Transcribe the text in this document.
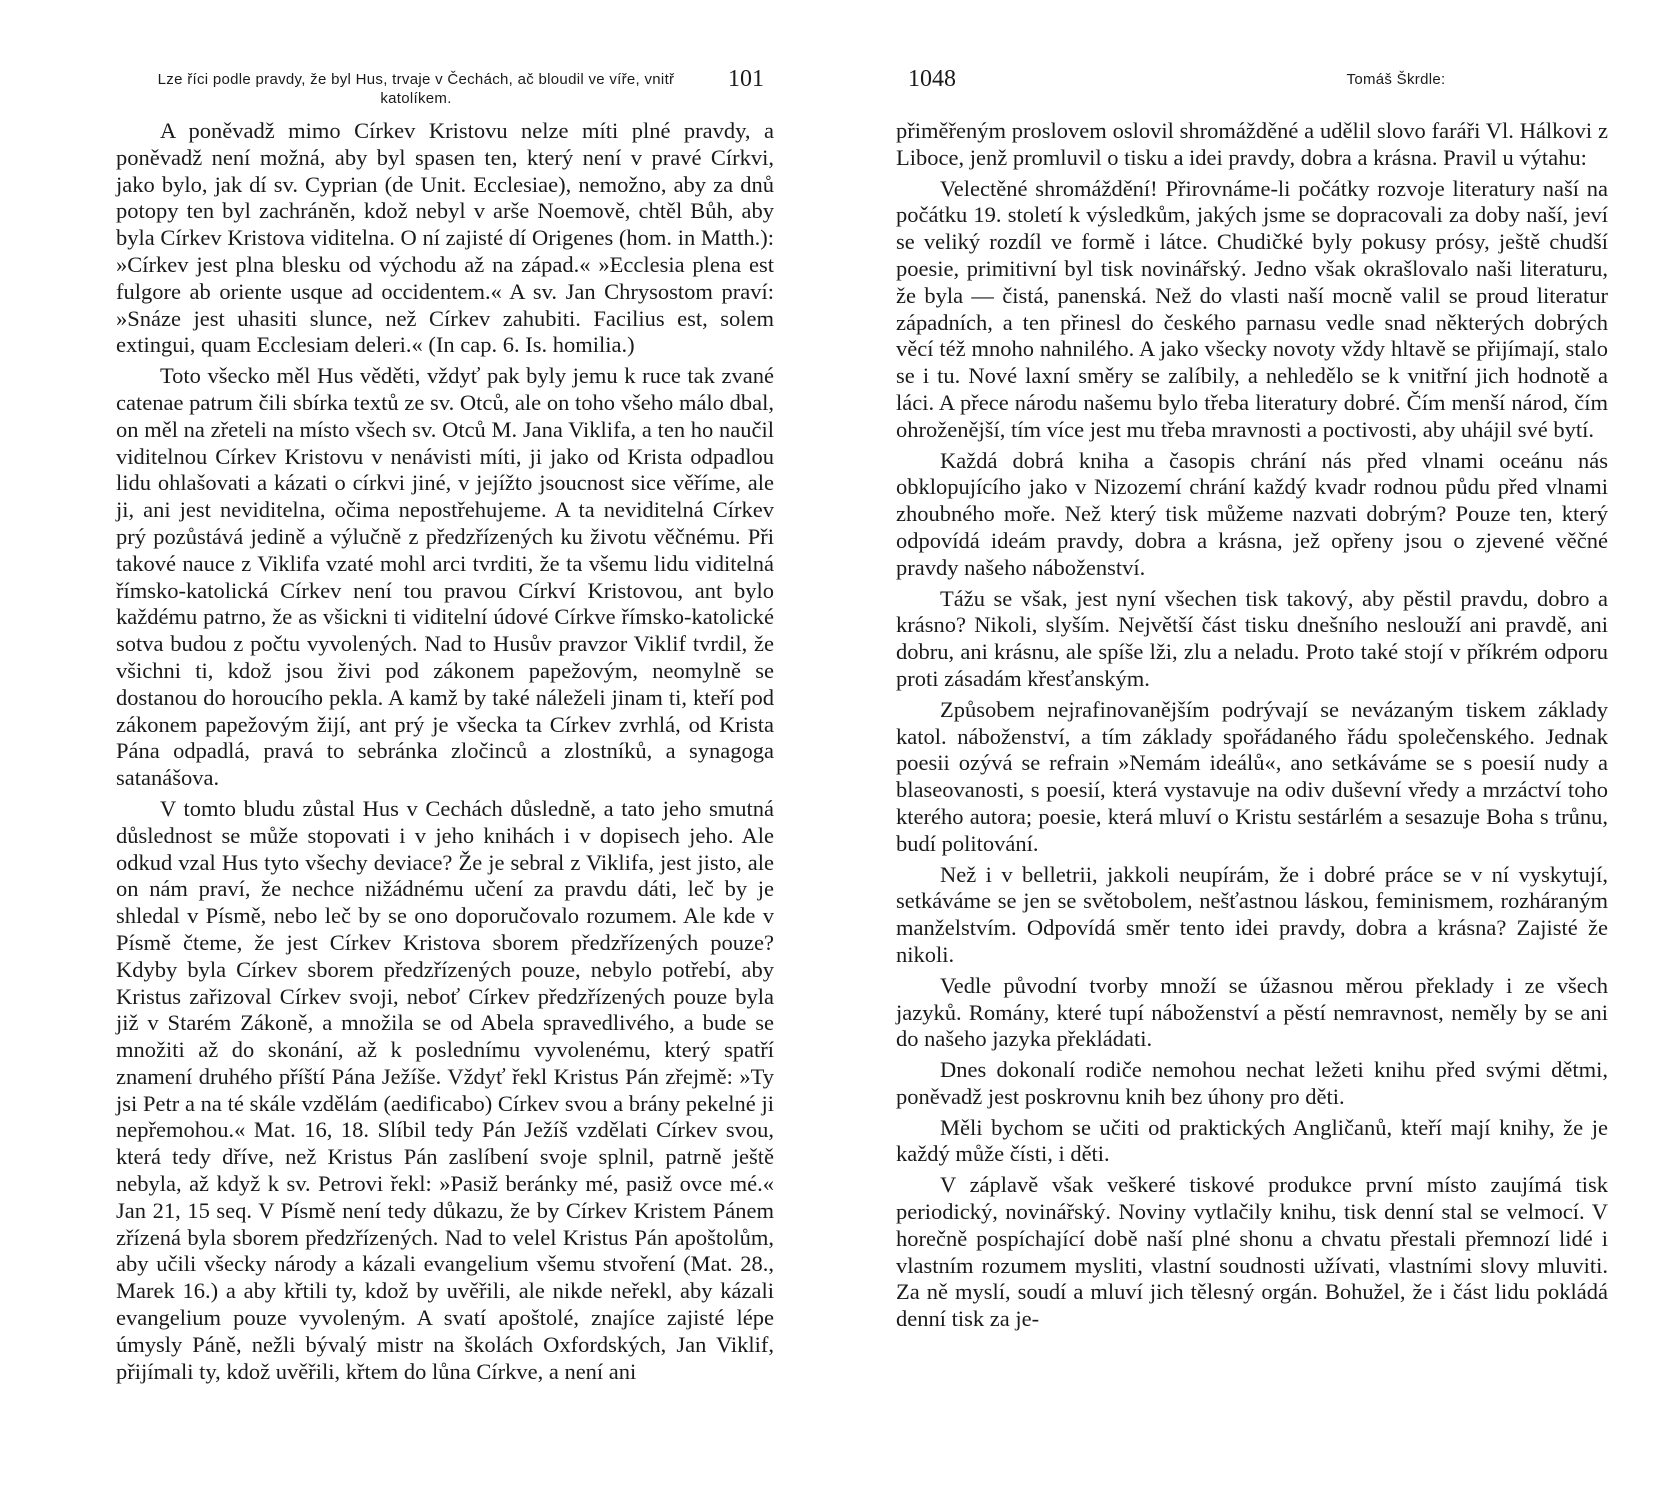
Lze říci podle pravdy, že byl Hus, trvaje v Čechách, ač bloudil ve víře, vnitř katolíkem.
101

A poněvadž mimo Církev Kristovu nelze míti plné pravdy, a poněvadž není možná, aby byl spasen ten, který není v pravé Církvi, jako bylo, jak dí sv. Cyprian (de Unit. Ecclesiae), nemožno, aby za dnů potopy ten byl zachráněn, kdož nebyl v arše Noemově, chtěl Bůh, aby byla Církev Kristova viditelna. O ní zajisté dí Origenes (hom. in Matth.): »Církev jest plna blesku od východu až na západ.« »Ecclesia plena est fulgore ab oriente usque ad occidentem.« A sv. Jan Chrysostom praví: »Snáze jest uhasiti slunce, než Církev zahubiti. Facilius est, solem extingui, quam Ecclesiam deleri.« (In cap. 6. Is. homilia.)

Toto všecko měl Hus věděti, vždyť pak byly jemu k ruce tak zvané catenae patrum čili sbírka textů ze sv. Otců, ale on toho všeho málo dbal, on měl na zřeteli na místo všech sv. Otců M. Jana Viklifa, a ten ho naučil viditelnou Církev Kristovu v nenávisti míti, ji jako od Krista odpadlou lidu ohlašovati a kázati o církvi jiné, v jejížto jsoucnost sice věříme, ale ji, ani jest neviditelna, očima nepostřehujeme. A ta neviditelná Církev prý pozůstává jedině a výlučně z předzřízených ku životu věčnému. Při takové nauce z Viklifa vzaté mohl arci tvrditi, že ta všemu lidu viditelná římsko-katolická Církev není tou pravou Církví Kristovou, ant bylo každému patrno, že as všickni ti viditelní údové Církve římsko-katolické sotva budou z počtu vyvolených. Nad to Husův pravzor Viklif tvrdil, že všichni ti, kdož jsou živi pod zákonem papežovým, neomylně se dostanou do horoucího pekla. A kamž by také náleželi jinam ti, kteří pod zákonem papežovým žijí, ant prý je všecka ta Církev zvrhlá, od Krista Pána odpadlá, pravá to sebránka zločinců a zlostníků, a synagoga satanášova.

V tomto bludu zůstal Hus v Cechách důsledně, a tato jeho smutná důslednost se může stopovati i v jeho knihách i v dopisech jeho. Ale odkud vzal Hus tyto všechy deviace? Že je sebral z Viklifa, jest jisto, ale on nám praví, že nechce nižádnému učení za pravdu dáti, leč by je shledal v Písmě, nebo leč by se ono doporučovalo rozumem. Ale kde v Písmě čteme, že jest Církev Kristova sborem předzřízených pouze? Kdyby byla Církev sborem předzřízených pouze, nebylo potřebí, aby Kristus zařizoval Církev svoji, neboť Církev předzřízených pouze byla již v Starém Zákoně, a množila se od Abela spravedlivého, a bude se množiti až do skonání, až k poslednímu vyvolenému, který spatří znamení druhého příští Pána Ježíše. Vždyť řekl Kristus Pán zřejmě: »Ty jsi Petr a na té skále vzdělám (aedificabo) Církev svou a brány pekelné ji nepřemohou.« Mat. 16, 18. Slíbil tedy Pán Ježíš vzdělati Církev svou, která tedy dříve, než Kristus Pán zaslíbení svoje splnil, patrně ještě nebyla, až když k sv. Petrovi řekl: »Pasiž beránky mé, pasiž ovce mé.« Jan 21, 15 seq. V Písmě není tedy důkazu, že by Církev Kristem Pánem zřízená byla sborem předzřízených. Nad to velel Kristus Pán apoštolům, aby učili všecky národy a kázali evangelium všemu stvoření (Mat. 28., Marek 16.) a aby křtili ty, kdož by uvěřili, ale nikde neřekl, aby kázali evangelium pouze vyvoleným. A svatí apoštolé, znajíce zajisté lépe úmysly Páně, nežli bývalý mistr na školách Oxfordských, Jan Viklif, přijímali ty, kdož uvěřili, křtem do lůna Církve, a není ani

1048	Tomáš Škrdle:

přiměřeným proslovem oslovil shromážděné a udělil slovo faráři Vl. Hálkovi z Liboce, jenž promluvil o tisku a idei pravdy, dobra a krásna. Pravil u výtahu:

Velectěné shromáždění! Přirovnáme-li počátky rozvoje literatury naší na počátku 19. století k výsledkům, jakých jsme se dopracovali za doby naší, jeví se veliký rozdíl ve formě i látce. Chudičké byly pokusy prósy, ještě chudší poesie, primitivní byl tisk novinářský. Jedno však okrašlovalo naši literaturu, že byla — čistá, panenská. Než do vlasti naší mocně valil se proud literatur západních, a ten přinesl do českého parnasu vedle snad některých dobrých věcí též mnoho nahnilého. A jako všecky novoty vždy hltavě se přijímají, stalo se i tu. Nové laxní směry se zalíbily, a nehledělo se k vnitřní jich hodnotě a láci. A přece národu našemu bylo třeba literatury dobré. Čím menší národ, čím ohroženější, tím více jest mu třeba mravnosti a poctivosti, aby uhájil své bytí.

Každá dobrá kniha a časopis chrání nás před vlnami oceánu nás obklopujícího jako v Nizozemí chrání každý kvadr rodnou půdu před vlnami zhoubného moře. Než který tisk můžeme nazvati dobrým? Pouze ten, který odpovídá ideám pravdy, dobra a krásna, jež opřeny jsou o zjevené věčné pravdy našeho náboženství.

Tážu se však, jest nyní všechen tisk takový, aby pěstil pravdu, dobro a krásno? Nikoli, slyším. Největší část tisku dnešního neslouží ani pravdě, ani dobru, ani krásnu, ale spíše lži, zlu a neladu. Proto také stojí v příkrém odporu proti zásadám křesťanským.

Způsobem nejrafinovanějším podrývají se nevázaným tiskem základy katol. náboženství, a tím základy spořádaného řádu společenského. Jednak poesii ozývá se refrain »Nemám ideálů«, ano setkáváme se s poesií nudy a blaseovanosti, s poesií, která vystavuje na odiv duševní vředy a mrzáctví toho kterého autora; poesie, která mluví o Kristu sestárlém a sesazuje Boha s trůnu, budí politování.

Než i v belletrii, jakkoli neupírám, že i dobré práce se v ní vyskytují, setkáváme se jen se světobolem, nešťastnou láskou, feminismem, rozháraným manželstvím. Odpovídá směr tento idei pravdy, dobra a krásna? Zajisté že nikoli.

Vedle původní tvorby množí se úžasnou měrou překlady i ze všech jazyků. Romány, které tupí náboženství a pěstí nemravnost, neměly by se ani do našeho jazyka překládati.

Dnes dokonalí rodiče nemohou nechat ležeti knihu před svými dětmi, poněvadž jest poskrovnu knih bez úhony pro děti.

Měli bychom se učiti od praktických Angličanů, kteří mají knihy, že je každý může čísti, i děti.

V záplavě však veškeré tiskové produkce první místo zaujímá tisk periodický, novinářský. Noviny vytlačily knihu, tisk denní stal se velmocí. V horečně pospíchající době naší plné shonu a chvatu přestali přemnozí lidé i vlastním rozumem mysliti, vlastní soudnosti užívati, vlastními slovy mluviti. Za ně myslí, soudí a mluví jich tělesný orgán. Bohužel, že i část lidu pokládá denní tisk za je-
